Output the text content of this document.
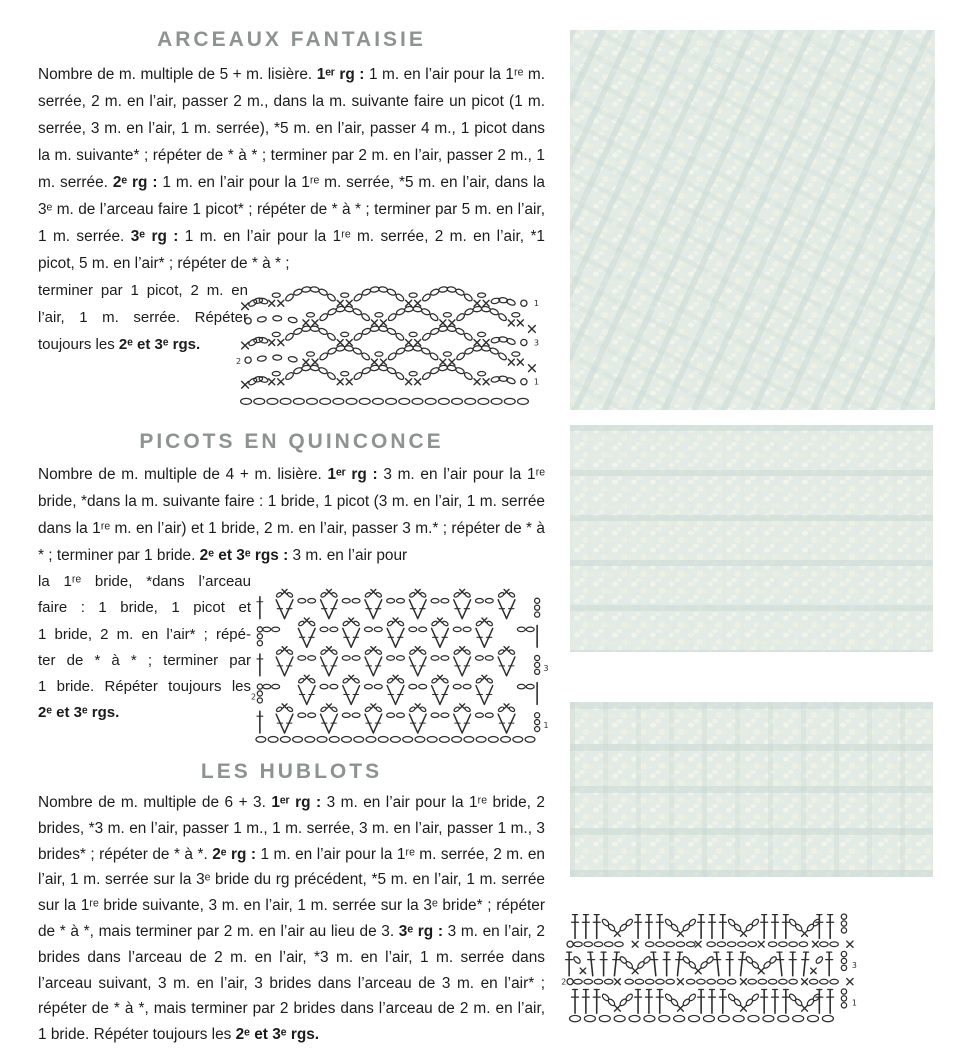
ARCEAUX FANTAISIE
Nombre de m. multiple de 5 + m. lisière. 1ᵉʳ rg : 1 m. en l’air pour la 1ʳᵉ m. serrée, 2 m. en l’air, passer 2 m., dans la m. suivante faire un picot (1 m. serrée, 3 m. en l’air, 1 m. serrée), *5 m. en l’air, passer 4 m., 1 picot dans la m. suivante* ; répéter de * à * ; terminer par 2 m. en l’air, passer 2 m., 1 m. serrée. 2ᵉ rg : 1 m. en l’air pour la 1ʳᵉ m. serrée, *5 m. en l’air, dans la 3ᵉ m. de l’arceau faire 1 picot* ; répéter de * à * ; terminer par 5 m. en l’air, 1 m. serrée. 3ᵉ rg : 1 m. en l’air pour la 1ʳᵉ m. serrée, 2 m. en l’air, *1 picot, 5 m. en l’air* ; répéter de * à * ;
terminer par 1 picot, 2 m. en
l’air, 1 m. serrée. Répéter
toujours les 2ᵉ et 3ᵉ rgs.
1
2
3
1
PICOTS EN QUINCONCE
Nombre de m. multiple de 4 + m. lisière. 1ᵉʳ rg : 3 m. en l’air pour la 1ʳᵉ bride, *dans la m. suivante faire : 1 bride, 1 picot (3 m. en l’air, 1 m. serrée dans la 1ʳᵉ m. en l’air) et 1 bride, 2 m. en l’air, passer 3 m.* ; répéter de * à * ; terminer par 1 bride. 2ᵉ et 3ᵉ rgs : 3 m. en l’air pour
la 1ʳᵉ bride, *dans l’arceau
faire : 1 bride, 1 picot et
1 bride, 2 m. en l’air* ; répé-
ter de * à * ; terminer par
1 bride. Répéter toujours les
2ᵉ et 3ᵉ rgs.
1
2
3
LES HUBLOTS
Nombre de m. multiple de 6 + 3. 1ᵉʳ rg : 3 m. en l’air pour la 1ʳᵉ bride, 2 brides, *3 m. en l’air, passer 1 m., 1 m. serrée, 3 m. en l’air, passer 1 m., 3 brides* ; répéter de * à *. 2ᵉ rg : 1 m. en l’air pour la 1ʳᵉ m. serrée, 2 m. en l’air, 1 m. serrée sur la 3ᵉ bride du rg précédent, *5 m. en l’air, 1 m. serrée sur la 1ʳᵉ bride suivante, 3 m. en l’air, 1 m. serrée sur la 3ᵉ bride* ; répéter de * à *, mais terminer par 2 m. en l’air au lieu de 3. 3ᵉ rg : 3 m. en l’air, 2 brides dans l’arceau de 2 m. en l’air, *3 m. en l’air, 1 m. serrée dans l’arceau suivant, 3 m. en l’air, 3 brides dans l’arceau de 3 m. en l’air* ; répéter de * à *, mais terminer par 2 brides dans l’arceau de 2 m. en l’air, 1 bride. Répéter toujours les 2ᵉ et 3ᵉ rgs.
1
3
2
